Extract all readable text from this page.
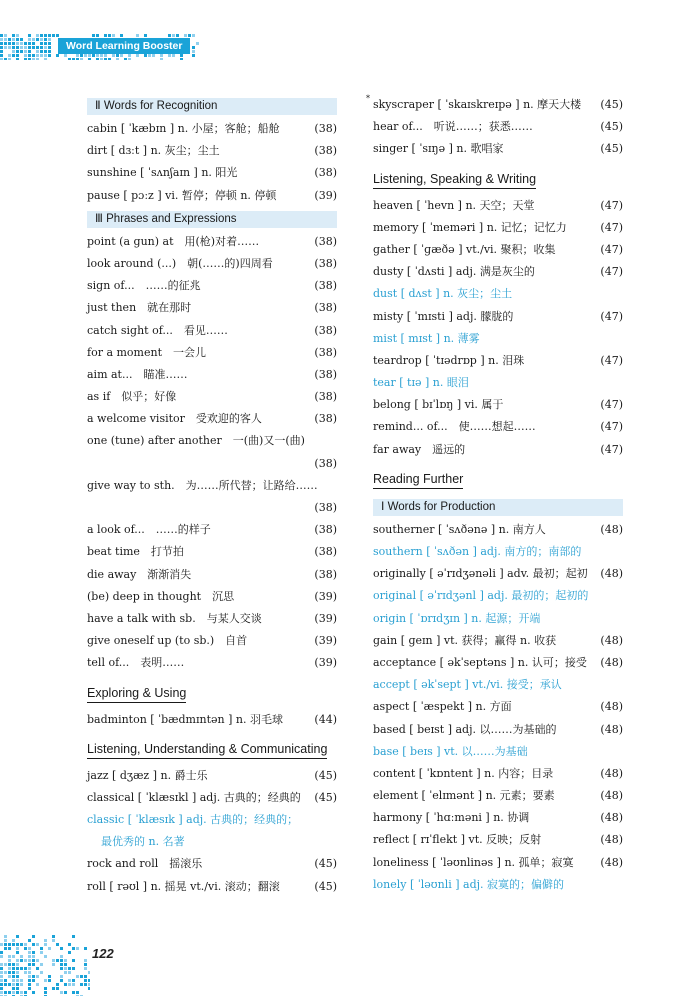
Word Learning Booster
Ⅱ Words for Recognition
cabin [ ˈkæbɪn ] n. 小屋；客舱；船舱	(38)
dirt [ dɜːt ] n. 灰尘；尘土	(38)
sunshine [ ˈsʌnʃaɪn ] n. 阳光	(38)
pause [ pɔːz ] vi. 暂停；停顿 n. 停顿	(39)
Ⅲ Phrases and Expressions
point (a gun) at　用(枪)对着……	(38)
look around (...)　朝(……的)四周看	(38)
sign of...　……的征兆	(38)
just then　就在那时	(38)
catch sight of...　看见……	(38)
for a moment　一会儿	(38)
aim at...　瞄准……	(38)
as if　似乎；好像	(38)
a welcome visitor　受欢迎的客人	(38)
one (tune) after another　一(曲)又一(曲)
(38)
give way to sth.　为……所代替；让路给……
(38)
a look of...　……的样子	(38)
beat time　打节拍	(38)
die away　渐渐消失	(38)
(be) deep in thought　沉思	(39)
have a talk with sb.　与某人交谈	(39)
give oneself up (to sb.)　自首	(39)
tell of...　表明……	(39)
Exploring & Using
badminton [ ˈbædmɪntən ] n. 羽毛球	(44)
Listening, Understanding & Communicating
jazz [ dʒæz ] n. 爵士乐	(45)
classical [ ˈklæsɪkl ] adj. 古典的；经典的 (45)
classic [ ˈklæsɪk ] adj. 古典的；经典的；
最优秀的 n. 名著
rock and roll　摇滚乐	(45)
roll [ rəʊl ] n. 摇晃 vt./vi. 滚动；翻滚	(45)
* skyscraper [ ˈskaɪskreɪpə ] n. 摩天大楼 (45)
hear of...　听说……；获悉……	(45)
singer [ ˈsɪŋə ] n. 歌唱家	(45)
Listening, Speaking & Writing
heaven [ ˈhevn ] n. 天空；天堂	(47)
memory [ ˈmeməri ] n. 记忆；记忆力	(47)
gather [ ˈɡæðə ] vt./vi. 聚积；收集	(47)
dusty [ ˈdʌsti ] adj. 满是灰尘的	(47)
dust [ dʌst ] n. 灰尘；尘土
misty [ ˈmɪsti ] adj. 朦胧的	(47)
mist [ mɪst ] n. 薄雾
teardrop [ ˈtɪədrɒp ] n. 泪珠	(47)
tear [ tɪə ] n. 眼泪
belong [ bɪˈlɒŋ ] vi. 属于	(47)
remind... of...　使……想起……	(47)
far away　遥远的	(47)
Reading Further
Ⅰ Words for Production
southerner [ ˈsʌðənə ] n. 南方人	(48)
southern [ ˈsʌðən ] adj. 南方的；南部的
originally [ əˈrɪdʒənəli ] adv. 最初；起初 (48)
original [ əˈrɪdʒənl ] adj. 最初的；起初的
origin [ ˈɒrɪdʒɪn ] n. 起源；开端
gain [ ɡeɪn ] vt. 获得；赢得 n. 收获	(48)
acceptance [ əkˈseptəns ] n. 认可；接受 (48)
accept [ əkˈsept ] vt./vi. 接受；承认
aspect [ ˈæspekt ] n. 方面	(48)
based [ beɪst ] adj. 以……为基础的	(48)
base [ beɪs ] vt. 以……为基础
content [ ˈkɒntent ] n. 内容；目录	(48)
element [ ˈelɪmənt ] n. 元素；要素	(48)
harmony [ ˈhɑːməni ] n. 协调	(48)
reflect [ rɪˈflekt ] vt. 反映；反射	(48)
loneliness [ ˈləʊnlinəs ] n. 孤单；寂寞 (48)
lonely [ ˈləʊnli ] adj. 寂寞的；偏僻的
122
